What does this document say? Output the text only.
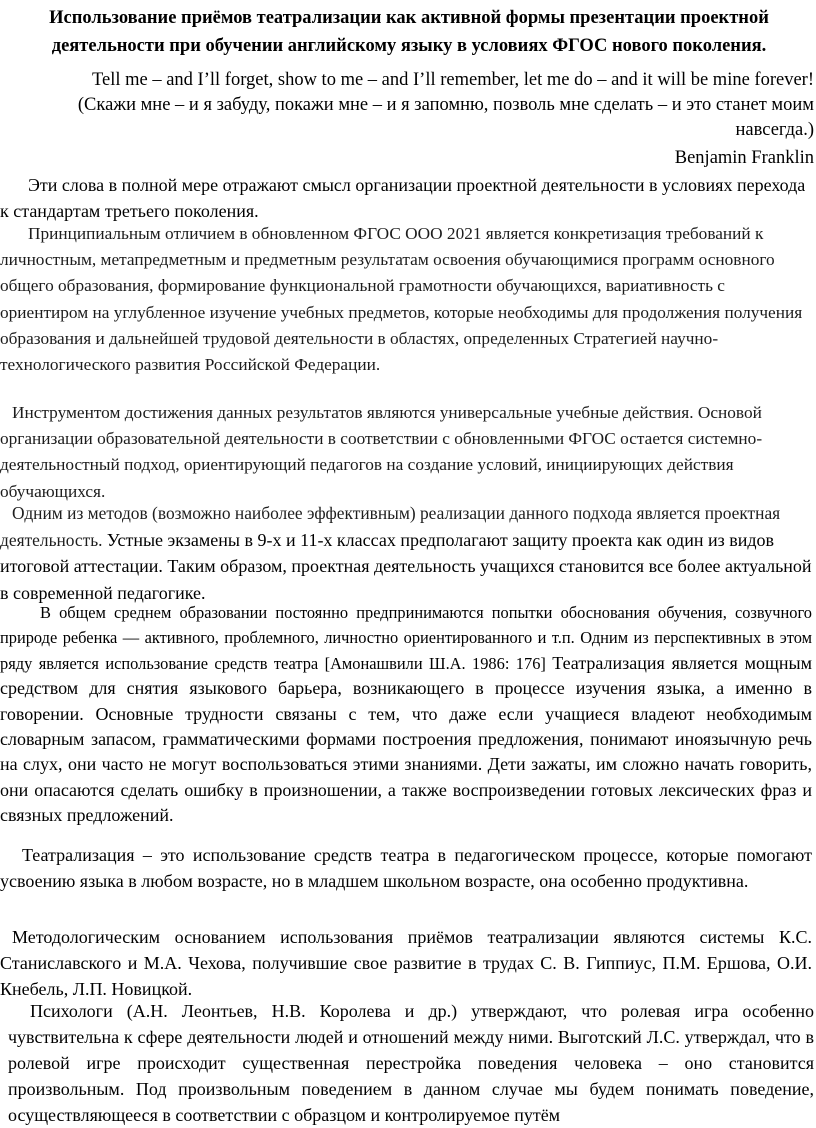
Использование приёмов театрализации как активной формы презентации проектной деятельности при обучении английскому языку в условиях ФГОС нового поколения.
Tell me – and I’ll forget, show to me – and I’ll remember, let me do – and it will be mine forever!
(Скажи мне – и я забуду, покажи мне – и я запомню, позволь мне сделать – и это станет моим навсегда.)
Benjamin Franklin
Эти слова в полной мере отражают смысл организации проектной деятельности в условиях перехода к стандартам третьего поколения.
Принципиальным отличием в обновленном ФГОС ООО 2021 является конкретизация требований к личностным, метапредметным и предметным результатам освоения обучающимися программ основного общего образования, формирование функциональной грамотности обучающихся, вариативность с ориентиром на углубленное изучение учебных предметов, которые необходимы для продолжения получения образования и дальнейшей трудовой деятельности в областях, определенных Стратегией научно-технологического развития Российской Федерации.
Инструментом достижения данных результатов являются универсальные учебные действия. Основой организации образовательной деятельности в соответствии с обновленными ФГОС остается системно-деятельностный подход, ориентирующий педагогов на создание условий, инициирующих действия обучающихся.
Одним из методов (возможно наиболее эффективным) реализации данного подхода является проектная деятельность. Устные экзамены в 9-х и 11-х классах предполагают защиту проекта как один из видов итоговой аттестации. Таким образом, проектная деятельность учащихся становится все более актуальной в современной педагогике.
В общем среднем образовании постоянно предпринимаются попытки обоснования обучения, созвучного природе ребенка — активного, проблемного, личностно ориентированного и т.п. Одним из перспективных в этом ряду является использование средств театра [Амонашвили Ш.А. 1986: 176] Театрализация является мощным средством для снятия языкового барьера, возникающего в процессе изучения языка, а именно в говорении. Основные трудности связаны с тем, что даже если учащиеся владеют необходимым словарным запасом, грамматическими формами построения предложения, понимают иноязычную речь на слух, они часто не могут воспользоваться этими знаниями. Дети зажаты, им сложно начать говорить, они опасаются сделать ошибку в произношении, а также воспроизведении готовых лексических фраз и связных предложений.
Театрализация – это использование средств театра в педагогическом процессе, которые помогают усвоению языка в любом возрасте, но в младшем школьном возрасте, она особенно продуктивна.
Методологическим основанием использования приёмов театрализации являются системы К.С. Станиславского и М.А. Чехова, получившие свое развитие в трудах С. В. Гиппиус, П.М. Ершова, О.И. Кнебель, Л.П. Новицкой.
Психологи (А.Н. Леонтьев, Н.В. Королева и др.) утверждают, что ролевая игра особенно чувствительна к сфере деятельности людей и отношений между ними. Выготский Л.С. утверждал, что в ролевой игре происходит существенная перестройка поведения человека – оно становится произвольным. Под произвольным поведением в данном случае мы будем понимать поведение, осуществляющееся в соответствии с образцом и контролируемое путём
